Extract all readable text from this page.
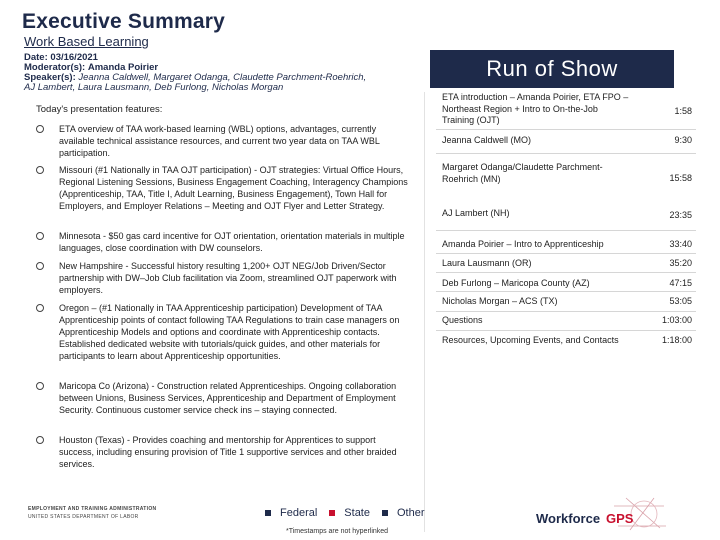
Executive Summary
Work Based Learning
Date: 03/16/2021
Moderator(s): Amanda Poirier
Speaker(s): Jeanna Caldwell, Margaret Odanga, Claudette Parchment-Roehrich,
AJ Lambert, Laura Lausmann, Deb Furlong, Nicholas Morgan
Run of Show
Today's presentation features:
ETA overview of TAA work-based learning (WBL) options, advantages, currently available technical assistance resources, and current two year data on TAA WBL participation.
Missouri (#1 Nationally in TAA OJT participation) - OJT strategies: Virtual Office Hours, Regional Listening Sessions, Business Engagement Coaching, Interagency Champions (Apprenticeship, TAA, Title I, Adult Learning, Business Engagement), Town Hall for Employers, and Employer Relations – Meeting and OJT Flyer and Letter Strategy.
Minnesota - $50 gas card incentive for OJT orientation, orientation materials in multiple languages, close coordination with DW counselors.
New Hampshire - Successful history resulting 1,200+ OJT NEG/Job Driven/Sector partnership with DW–Job Club facilitation via Zoom, streamlined OJT paperwork with employers.
Oregon – (#1 Nationally in TAA Apprenticeship participation) Development of TAA Apprenticeship points of contact following TAA Regulations to train case managers on Apprenticeship Models and options and coordinate with Apprenticeship contacts. Established dedicated website with tutorials/quick guides, and other materials for participants to learn about Apprenticeship opportunities.
Maricopa Co (Arizona) - Construction related Apprenticeships. Ongoing collaboration between Unions, Business Services, Apprenticeship and Department of Employment Security. Continuous customer service check ins – staying connected.
Houston (Texas) - Provides coaching and mentorship for Apprentices to support success, including ensuring provision of Title 1 supportive services and other braided services.
ETA introduction – Amanda Poirier, ETA FPO – Northeast Region + Intro to On-the-Job Training (OJT)
1:58
Jeanna Caldwell (MO)	9:30
Margaret Odanga/Claudette Parchment-Roehrich (MN)	15:58
AJ Lambert (NH)	23:35
Amanda Poirier – Intro to Apprenticeship	33:40
Laura Lausmann (OR)	35:20
Deb Furlong – Maricopa County (AZ)	47:15
Nicholas Morgan – ACS (TX)	53:05
Questions	1:03:00
Resources, Upcoming Events, and Contacts	1:18:00
EMPLOYMENT AND TRAINING ADMINISTRATION
UNITED STATES DEPARTMENT OF LABOR	Federal State Other
*Timestamps are not hyperlinked
Workforce GPS
